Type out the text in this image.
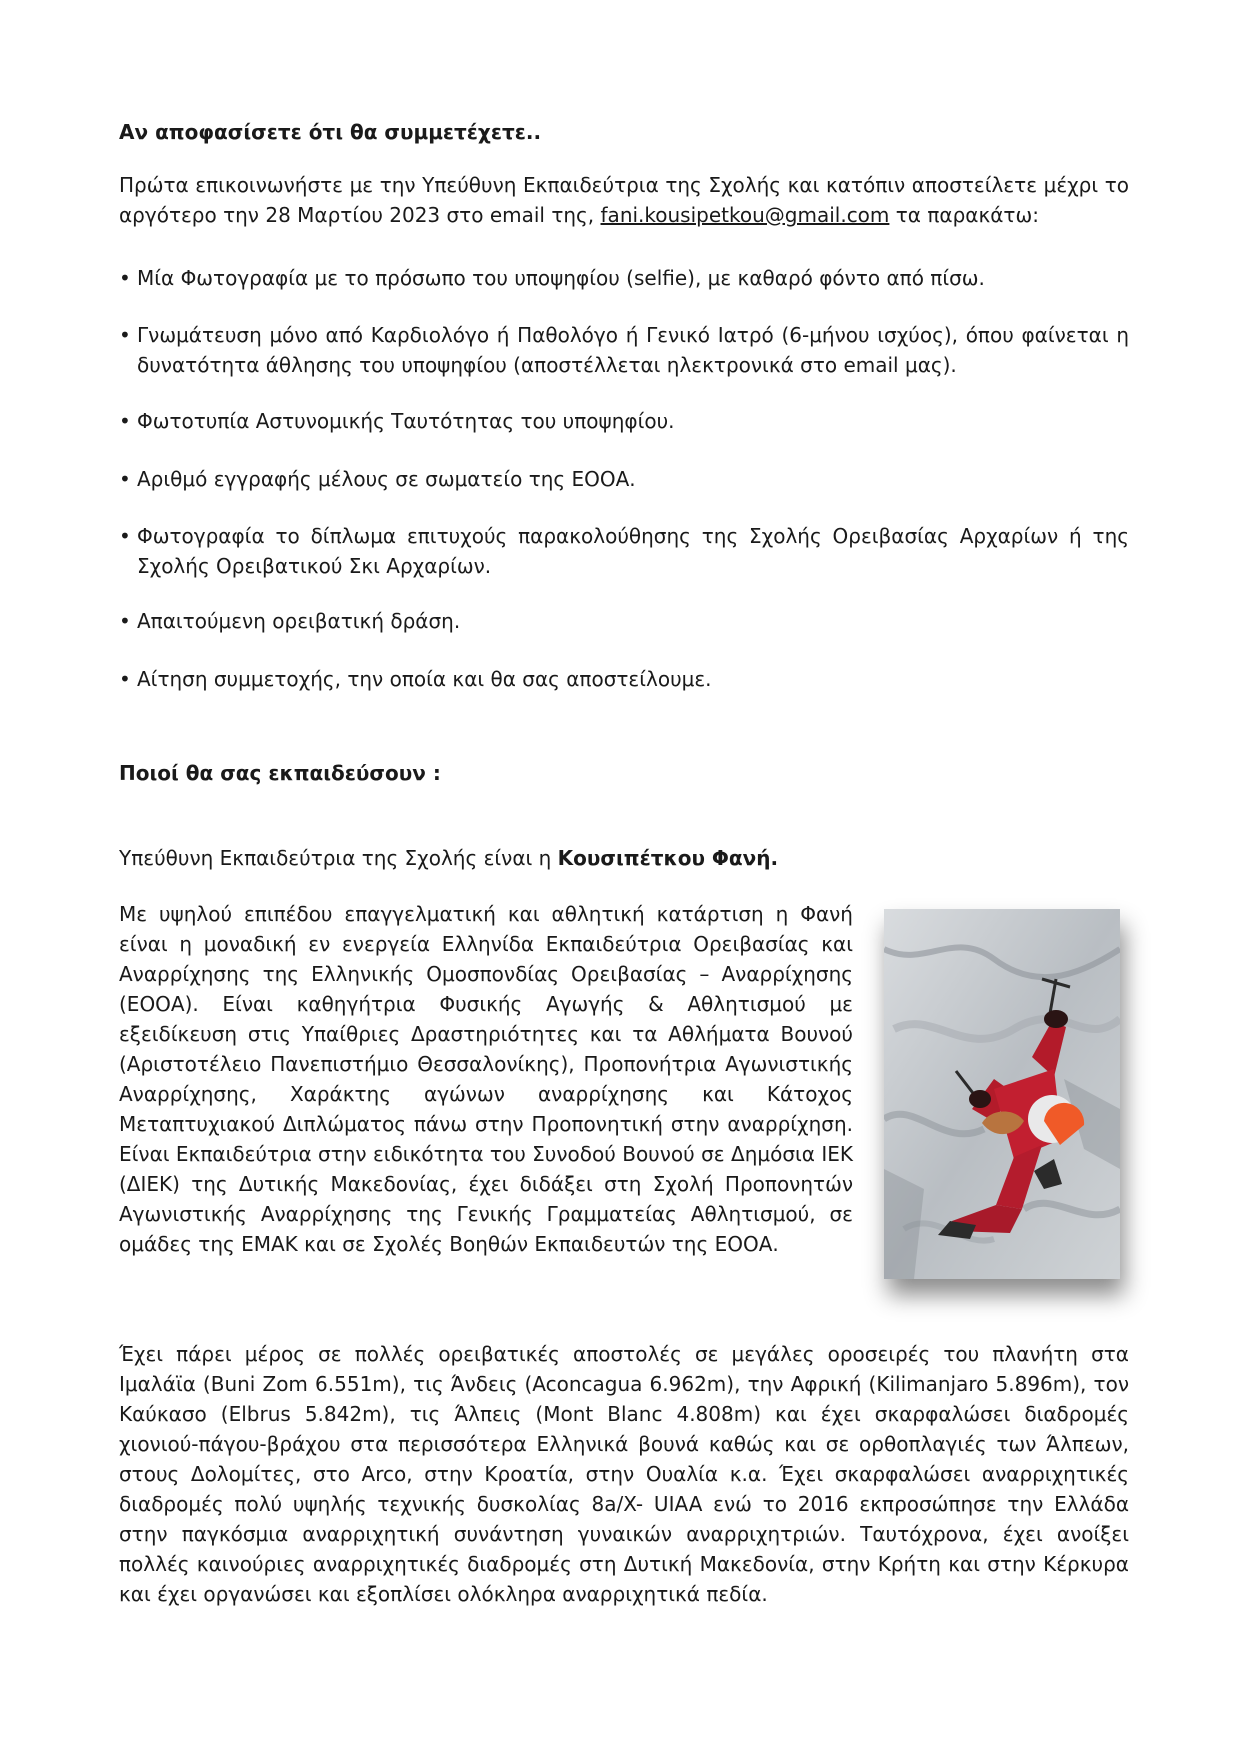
Αν αποφασίσετε ότι θα συμμετέχετε..

Πρώτα επικοινωνήστε με την Υπεύθυνη Εκπαιδεύτρια της Σχολής και κατόπιν αποστείλετε μέχρι το αργότερο την 28 Μαρτίου 2023 στο email της, fani.kousipetkou@gmail.com τα παρακάτω:

• Μία Φωτογραφία με το πρόσωπο του υποψηφίου (selfie), με καθαρό φόντο από πίσω.
• Γνωμάτευση μόνο από Καρδιολόγο ή Παθολόγο ή Γενικό Ιατρό (6-μήνου ισχύος), όπου φαίνεται η δυνατότητα άθλησης του υποψηφίου (αποστέλλεται ηλεκτρονικά στο email μας).
• Φωτοτυπία Αστυνομικής Ταυτότητας του υποψηφίου.
• Αριθμό εγγραφής μέλους σε σωματείο της ΕΟΟΑ.
• Φωτογραφία το δίπλωμα επιτυχούς παρακολούθησης της Σχολής Ορειβασίας Αρχαρίων ή της Σχολής Ορειβατικού Σκι Αρχαρίων.
• Απαιτούμενη ορειβατική δράση.
• Αίτηση συμμετοχής, την οποία και θα σας αποστείλουμε.

Ποιοί θα σας εκπαιδεύσουν :

Υπεύθυνη Εκπαιδεύτρια της Σχολής είναι η Κουσιπέτκου Φανή.

Με υψηλού επιπέδου επαγγελματική και αθλητική κατάρτιση η Φανή είναι η μοναδική εν ενεργεία Ελληνίδα Εκπαιδεύτρια Ορειβασίας και Αναρρίχησης της Ελληνικής Ομοσπονδίας Ορειβασίας – Αναρρίχησης (ΕΟΟΑ). Είναι καθηγήτρια Φυσικής Αγωγής & Αθλητισμού με εξειδίκευση στις Υπαίθριες Δραστηριότητες και τα Αθλήματα Βουνού (Αριστοτέλειο Πανεπιστήμιο Θεσσαλονίκης), Προπονήτρια Αγωνιστικής Αναρρίχησης, Χαράκτης αγώνων αναρρίχησης και Κάτοχος Μεταπτυχιακού Διπλώματος πάνω στην Προπονητική στην αναρρίχηση. Είναι Εκπαιδεύτρια στην ειδικότητα του Συνοδού Βουνού σε Δημόσια ΙΕΚ (ΔΙΕΚ) της Δυτικής Μακεδονίας, έχει διδάξει στη Σχολή Προπονητών Αγωνιστικής Αναρρίχησης της Γενικής Γραμματείας Αθλητισμού, σε ομάδες της ΕΜΑΚ και σε Σχολές Βοηθών Εκπαιδευτών της ΕΟΟΑ.

Έχει πάρει μέρος σε πολλές ορειβατικές αποστολές σε μεγάλες οροσειρές του πλανήτη στα Ιμαλάϊα (Buni Zom 6.551m), τις Άνδεις (Aconcagua 6.962m), την Αφρική (Kilimanjaro 5.896m), τον Καύκασο (Elbrus 5.842m), τις Άλπεις (Mont Blanc 4.808m) και έχει σκαρφαλώσει διαδρομές χιονιού-πάγου-βράχου στα περισσότερα Ελληνικά βουνά καθώς και σε ορθοπλαγιές των Άλπεων, στους Δολομίτες, στο Arco, στην Κροατία, στην Ουαλία κ.α. Έχει σκαρφαλώσει αναρριχητικές διαδρομές πολύ υψηλής τεχνικής δυσκολίας 8a/X- UIAA ενώ το 2016 εκπροσώπησε την Ελλάδα στην παγκόσμια αναρριχητική συνάντηση γυναικών αναρριχητριών. Ταυτόχρονα, έχει ανοίξει πολλές καινούριες αναρριχητικές διαδρομές στη Δυτική Μακεδονία, στην Κρήτη και στην Κέρκυρα και έχει οργανώσει και εξοπλίσει ολόκληρα αναρριχητικά πεδία.
